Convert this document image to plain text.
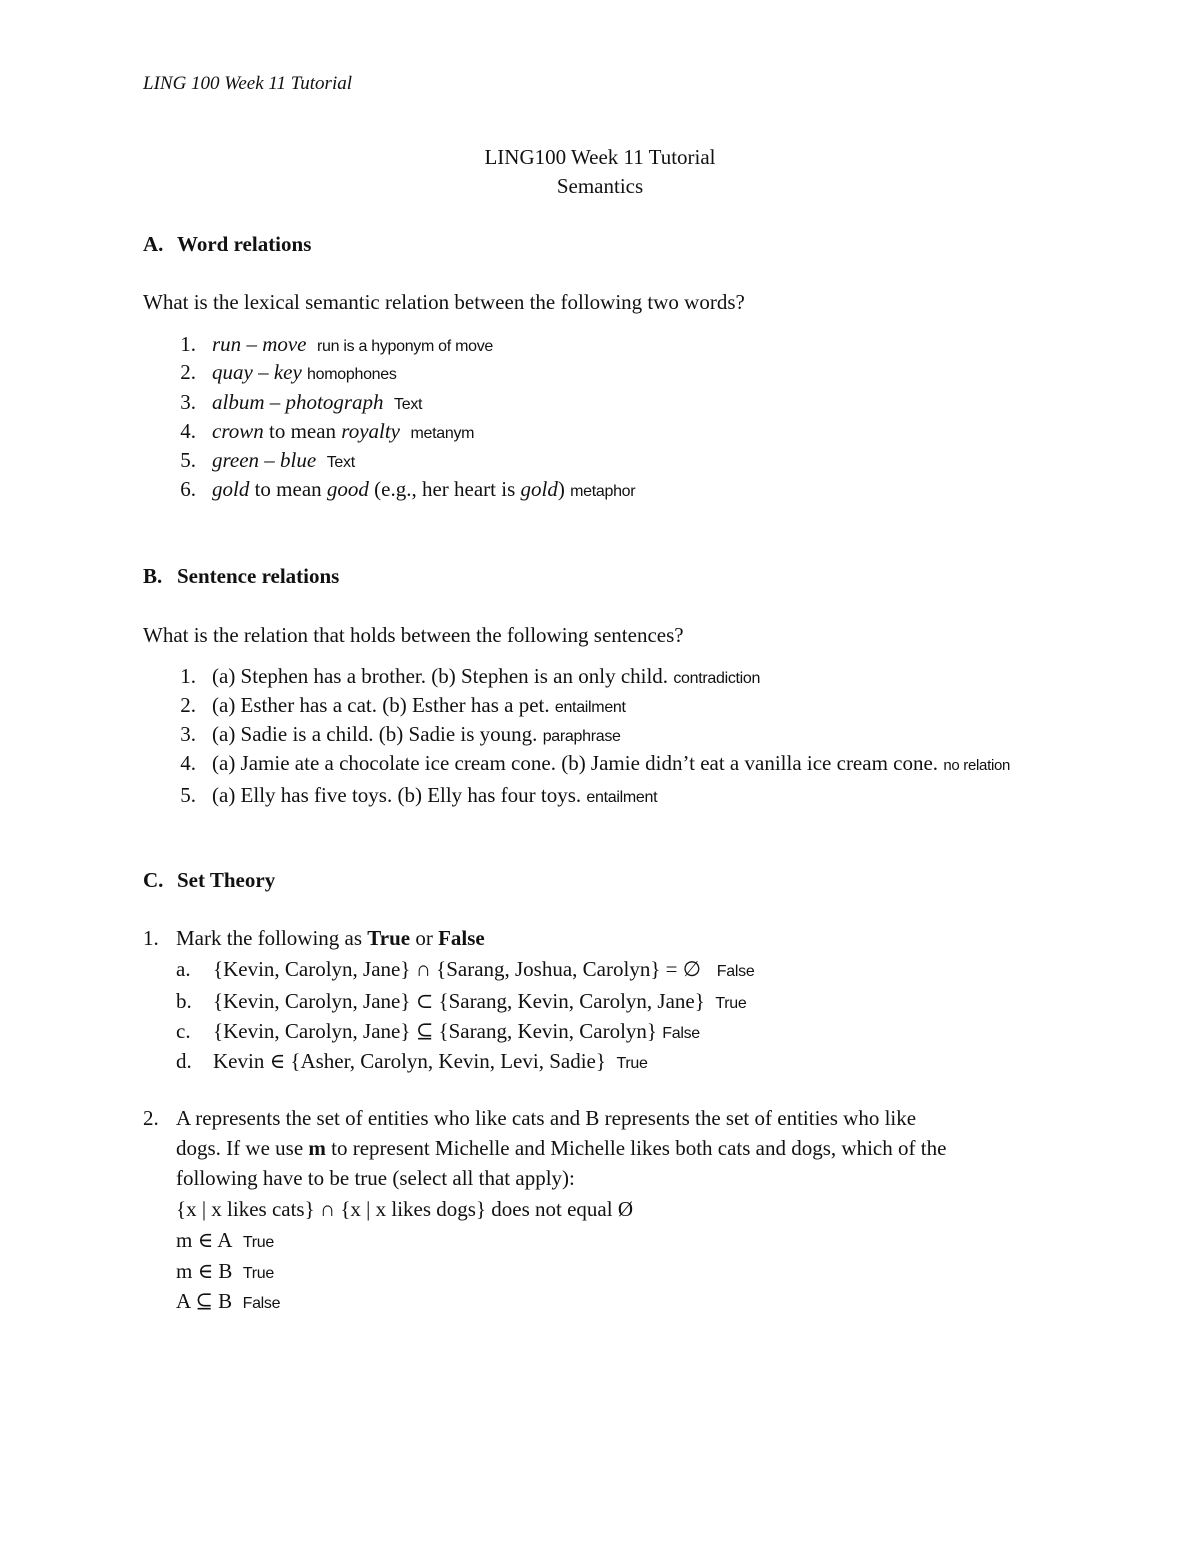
LING 100 Week 11 Tutorial
LING100 Week 11 Tutorial
Semantics
A. Word relations
What is the lexical semantic relation between the following two words?
1. run – move run is a hyponym of move
2. quay – key homophones
3. album – photograph Text
4. crown to mean royalty metanym
5. green – blue Text
6. gold to mean good (e.g., her heart is gold) metaphor
B. Sentence relations
What is the relation that holds between the following sentences?
1. (a) Stephen has a brother. (b) Stephen is an only child. contradiction
2. (a) Esther has a cat. (b) Esther has a pet. entailment
3. (a) Sadie is a child. (b) Sadie is young. paraphrase
4. (a) Jamie ate a chocolate ice cream cone. (b) Jamie didn’t eat a vanilla ice cream cone. no relation
5. (a) Elly has five toys. (b) Elly has four toys. entailment
C. Set Theory
1. Mark the following as True or False
a. {Kevin, Carolyn, Jane} ∩ {Sarang, Joshua, Carolyn} = ∅ False
b. {Kevin, Carolyn, Jane} ⊂ {Sarang, Kevin, Carolyn, Jane} True
c. {Kevin, Carolyn, Jane} ⊆ {Sarang, Kevin, Carolyn} False
d. Kevin ∈ {Asher, Carolyn, Kevin, Levi, Sadie} True
2. A represents the set of entities who like cats and B represents the set of entities who like
dogs. If we use m to represent Michelle and Michelle likes both cats and dogs, which of the
following have to be true (select all that apply):
{x | x likes cats} ∩ {x | x likes dogs} does not equal Ø
m ∈ A True
m ∈ B True
A ⊆ B False
